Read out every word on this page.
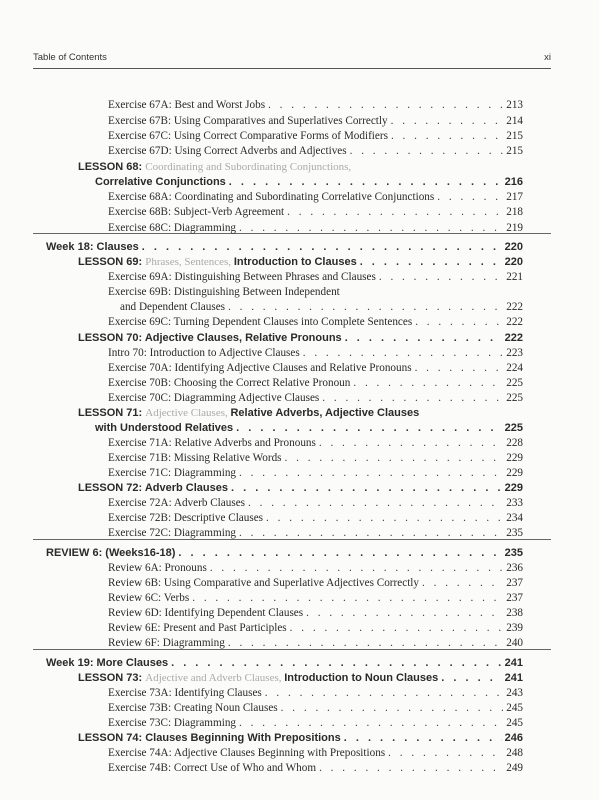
Table of Contents	xi
Exercise 67A: Best and Worst Jobs . . .	213
Exercise 67B: Using Comparatives and Superlatives Correctly . . .	214
Exercise 67C: Using Correct Comparative Forms of Modifiers . . .	215
Exercise 67D: Using Correct Adverbs and Adjectives . . .	215
LESSON 68: Coordinating and Subordinating Conjunctions,
Correlative Conjunctions . . .	216
Exercise 68A: Coordinating and Subordinating Correlative Conjunctions . . .	217
Exercise 68B: Subject-Verb Agreement . . .	218
Exercise 68C: Diagramming . . .	219
Week 18: Clauses . . .	220
LESSON 69: Phrases, Sentences, Introduction to Clauses . . .	220
Exercise 69A: Distinguishing Between Phrases and Clauses . . .	221
Exercise 69B: Distinguishing Between Independent
and Dependent Clauses . . .	222
Exercise 69C: Turning Dependent Clauses into Complete Sentences . . .	222
LESSON 70: Adjective Clauses, Relative Pronouns . . .	222
Intro 70: Introduction to Adjective Clauses . . .	223
Exercise 70A: Identifying Adjective Clauses and Relative Pronouns . . .	224
Exercise 70B: Choosing the Correct Relative Pronoun . . .	225
Exercise 70C: Diagramming Adjective Clauses . . .	225
LESSON 71: Adjective Clauses, Relative Adverbs, Adjective Clauses
with Understood Relatives . . .	225
Exercise 71A: Relative Adverbs and Pronouns . . .	228
Exercise 71B: Missing Relative Words . . .	229
Exercise 71C: Diagramming . . .	229
LESSON 72: Adverb Clauses . . .	229
Exercise 72A: Adverb Clauses . . .	233
Exercise 72B: Descriptive Clauses . . .	234
Exercise 72C: Diagramming . . .	235
REVIEW 6: (Weeks16-18) . . .	235
Review 6A: Pronouns . . .	236
Review 6B: Using Comparative and Superlative Adjectives Correctly . . .	237
Review 6C: Verbs . . .	237
Review 6D: Identifying Dependent Clauses . . .	238
Review 6E: Present and Past Participles . . .	239
Review 6F: Diagramming . . .	240
Week 19: More Clauses . . .	241
LESSON 73: Adjective and Adverb Clauses, Introduction to Noun Clauses . . .	241
Exercise 73A: Identifying Clauses . . .	243
Exercise 73B: Creating Noun Clauses . . .	245
Exercise 73C: Diagramming . . .	245
LESSON 74: Clauses Beginning With Prepositions . . .	246
Exercise 74A: Adjective Clauses Beginning with Prepositions . . .	248
Exercise 74B: Correct Use of Who and Whom . . .	249
